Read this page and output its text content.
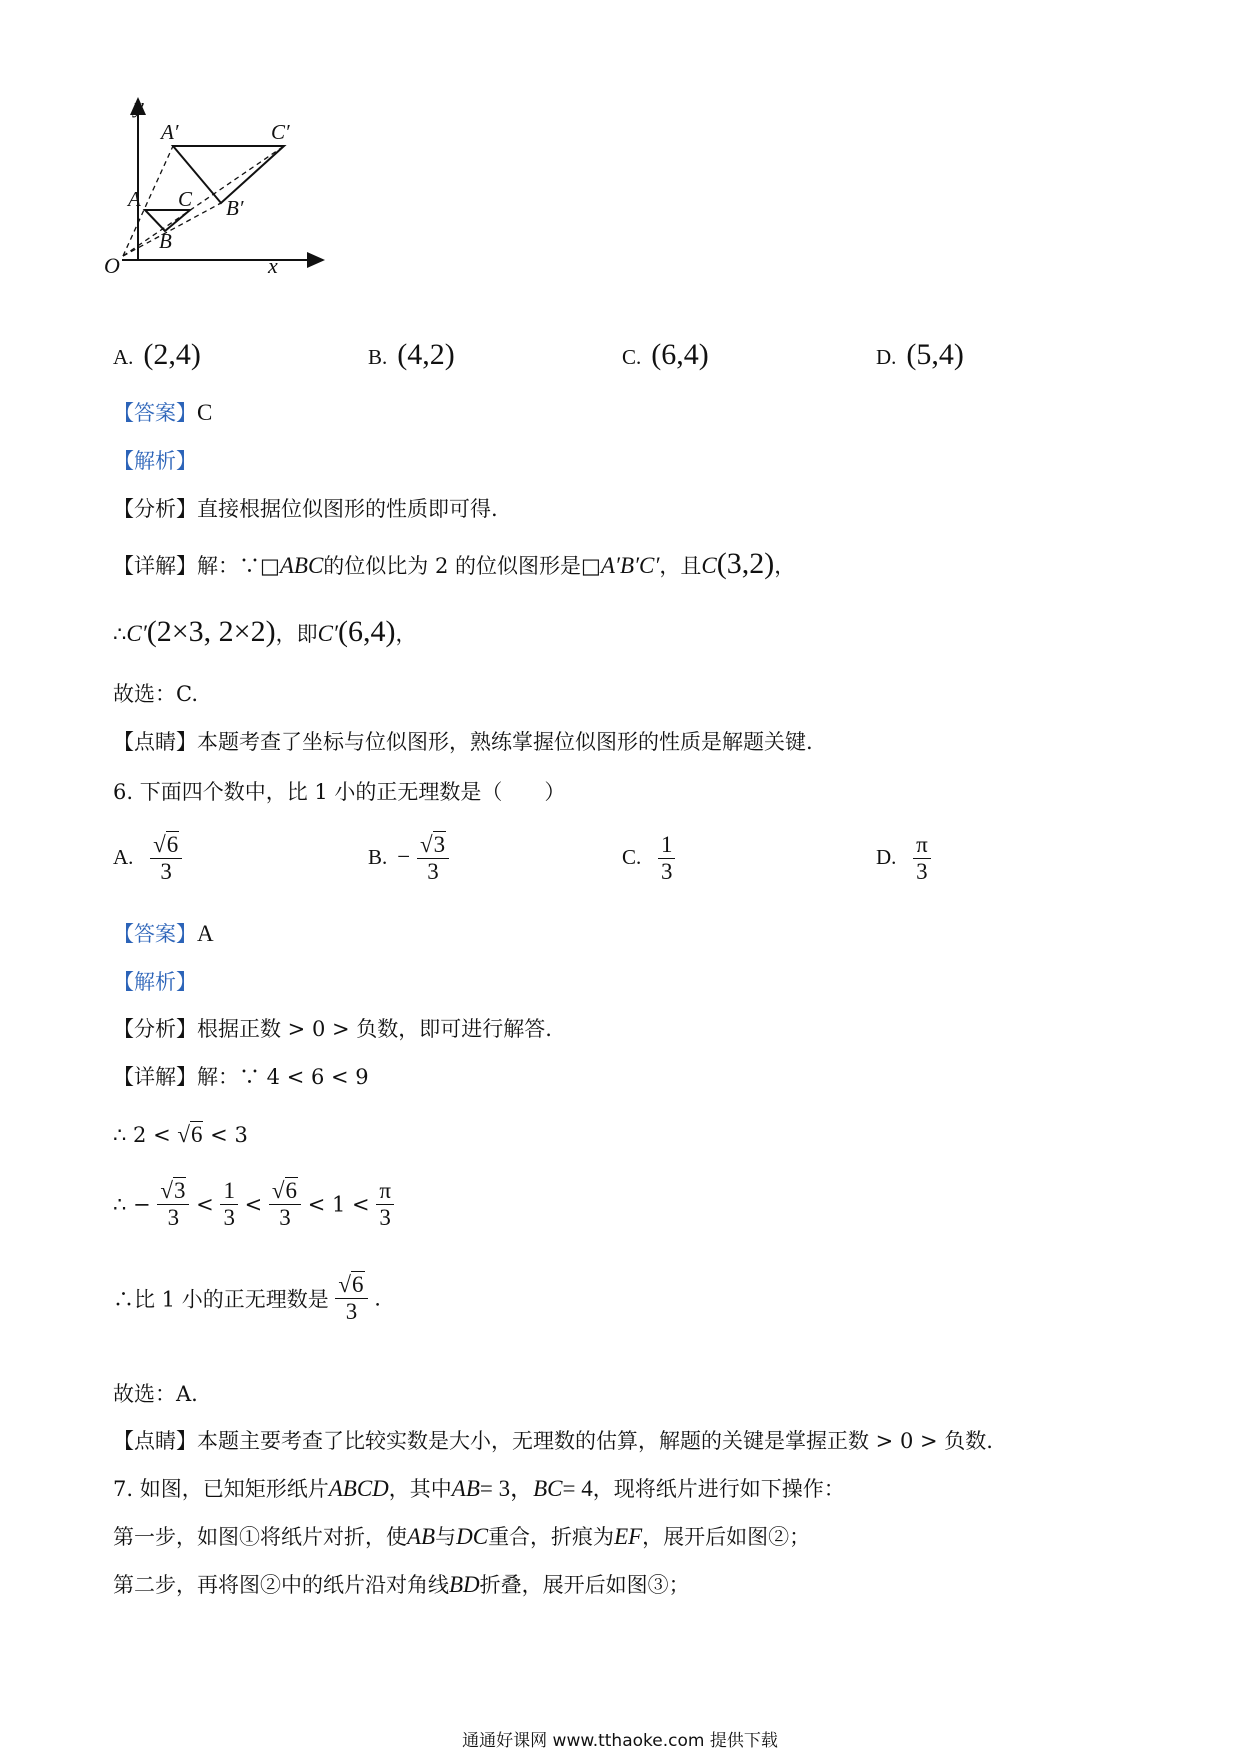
y
x
O
A C
B
A′	C′
B′
A. (2,4)	B. (4,2)	C. (6,4)	D. (5,4)
【答案】C
【解析】
【分析】直接根据位似图形的性质即可得.
【详解】解：∵□ABC的位似比为 2 的位似图形是□A′B′C′，且C(3,2)，
∴C′(2×3, 2×2)，即C′(6,4)，
故选：C.
【点睛】本题考查了坐标与位似图形，熟练掌握位似图形的性质是解题关键.
6. 下面四个数中，比 1 小的正无理数是（　　）
A. $\frac{√6}{3}$	B. − $\frac{√3}{3}$	C. $\frac{1}{3}$	D. $\frac{\pi}{3}$
【答案】A
【解析】
【分析】根据正数 > 0 > 负数，即可进行解答.
【详解】解：∵ 4 < 6 < 9
∴ 2 < √6 < 3
∴ − $\frac{√3}{3} < \frac{1}{3} < \frac{√6}{3} < 1 < \frac{\pi}{3}$
∴比 1 小的正无理数是 $\frac{√6}{3}$ .
故选：A.
【点睛】本题主要考查了比较实数是大小，无理数的估算，解题的关键是掌握正数 > 0 > 负数.
7. 如图，已知矩形纸片ABCD，其中AB= 3，BC= 4，现将纸片进行如下操作：
第一步，如图①将纸片对折，使AB与DC重合，折痕为EF，展开后如图②；
第二步，再将图②中的纸片沿对角线BD折叠，展开后如图③；
通通好课网 www.tthaoke.com 提供下载
